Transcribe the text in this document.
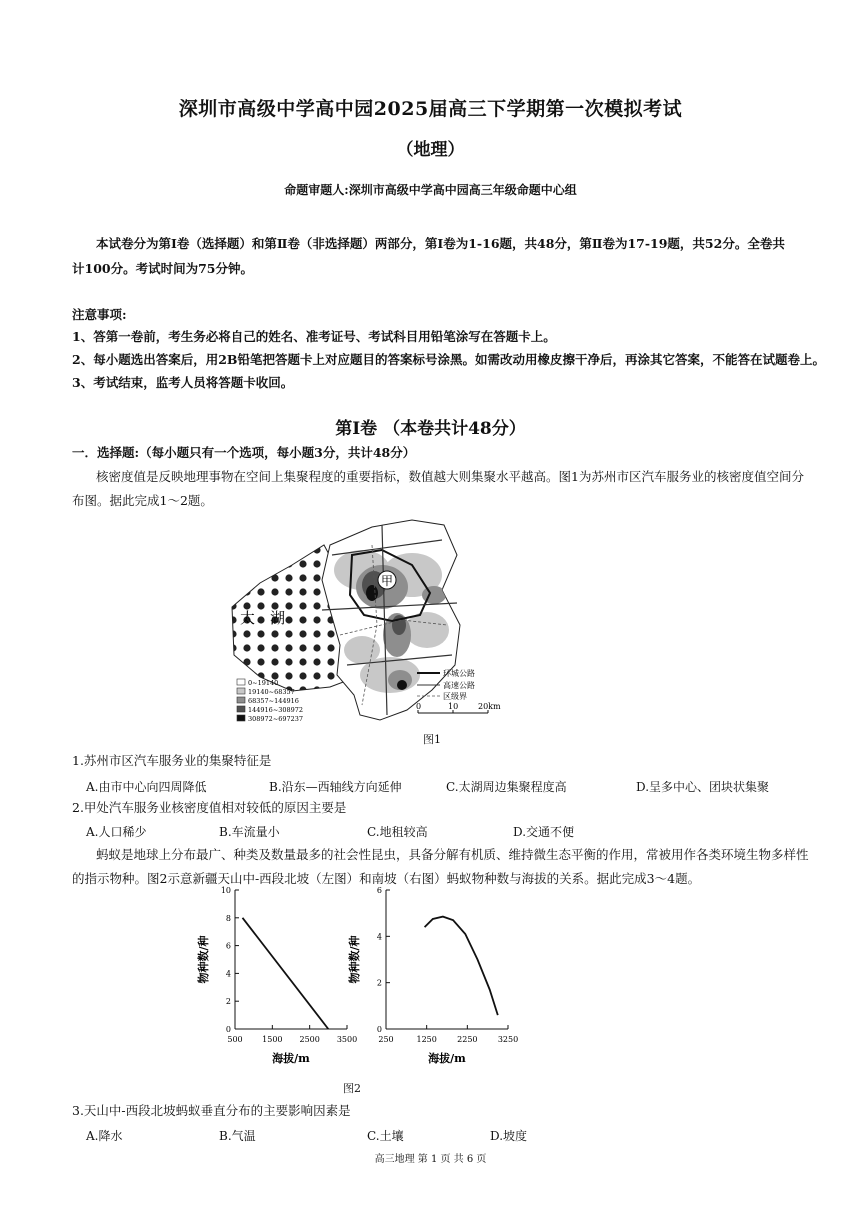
深圳市高级中学高中园2025届高三下学期第一次模拟考试
（地理）
命题审题人:深圳市高级中学高中园高三年级命题中心组
本试卷分为第Ⅰ卷（选择题）和第Ⅱ卷（非选择题）两部分，第Ⅰ卷为1-16题，共48分，第Ⅱ卷为17-19题，共52分。全卷共
计100分。考试时间为75分钟。
注意事项:
1、答第一卷前，考生务必将自己的姓名、准考证号、考试科目用铅笔涂写在答题卡上。
2、每小题选出答案后，用2B铅笔把答题卡上对应题目的答案标号涂黑。如需改动用橡皮擦干净后，再涂其它答案，不能答在试题卷上。
3、考试结束，监考人员将答题卡收回。
第Ⅰ卷 （本卷共计48分）
一．选择题:（每小题只有一个选项，每小题3分，共计48分）
核密度值是反映地理事物在空间上集聚程度的重要指标，数值越大则集聚水平越高。图1为苏州市区汽车服务业的核密度值空间分
布图。据此完成1～2题。
甲
太 湖
0~19140
19140~68357
68357~144916
144916~308972
308972~697237
环城公路
高速公路
区级界
0	10 20km
图1
1.苏州市区汽车服务业的集聚特征是
A.由市中心向四周降低	B.沿东—西轴线方向延伸	C.太湖周边集聚程度高	D.呈多中心、团块状集聚
2.甲处汽车服务业核密度值相对较低的原因主要是
A.人口稀少	B.车流量小	C.地租较高	D.交通不便
蚂蚁是地球上分布最广、种类及数量最多的社会性昆虫，具备分解有机质、维持微生态平衡的作用，常被用作各类环境生物多样性
的指示物种。图2示意新疆天山中-西段北坡（左图）和南坡（右图）蚂蚁物种数与海拔的关系。据此完成3～4题。
0
2
4
6
8
10
500 1500 2500 3500
海拔/m
物种数/种
0
2
4
6
250	1250	2250	3250
海拔/m
物种数/种
图2
3.天山中-西段北坡蚂蚁垂直分布的主要影响因素是
A.降水	B.气温	C.土壤	D.坡度
高三地理 第 1 页 共 6 页
